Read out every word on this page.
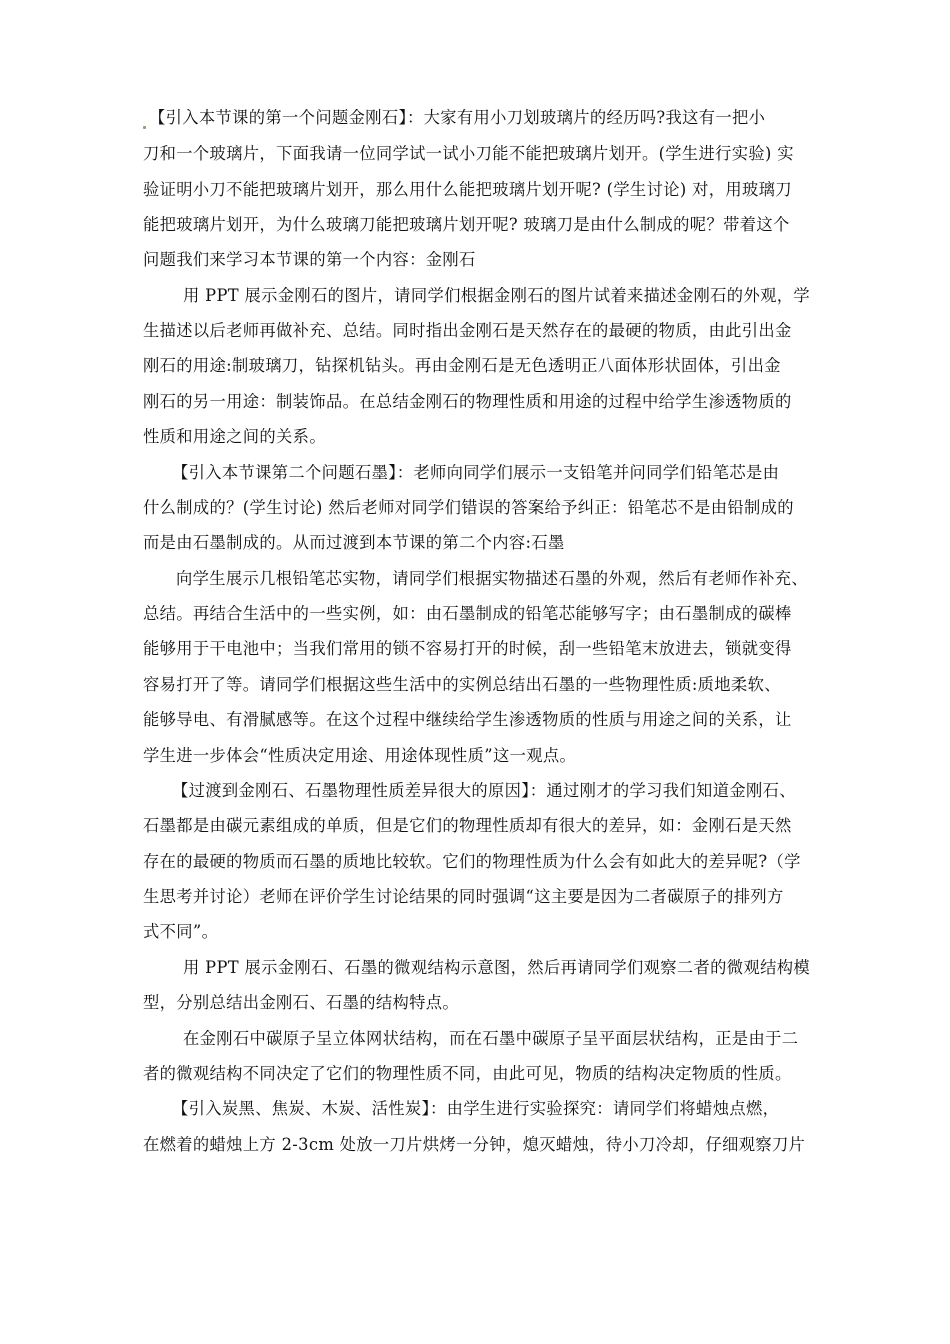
【引入本节课的第一个问题金刚石】：大家有用小刀划玻璃片的经历吗?我这有一把小
刀和一个玻璃片，下面我请一位同学试一试小刀能不能把玻璃片划开。(学生进行实验) 实
验证明小刀不能把玻璃片划开，那么用什么能把玻璃片划开呢? (学生讨论) 对，用玻璃刀
能把玻璃片划开，为什么玻璃刀能把玻璃片划开呢? 玻璃刀是由什么制成的呢？带着这个
问题我们来学习本节课的第一个内容：金刚石
用 PPT 展示金刚石的图片，请同学们根据金刚石的图片试着来描述金刚石的外观，学
生描述以后老师再做补充、总结。同时指出金刚石是天然存在的最硬的物质，由此引出金
刚石的用途:制玻璃刀，钻探机钻头。再由金刚石是无色透明正八面体形状固体，引出金
刚石的另一用途：制装饰品。在总结金刚石的物理性质和用途的过程中给学生渗透物质的
性质和用途之间的关系。
【引入本节课第二个问题石墨】：老师向同学们展示一支铅笔并问同学们铅笔芯是由
什么制成的？(学生讨论) 然后老师对同学们错误的答案给予纠正：铅笔芯不是由铅制成的
而是由石墨制成的。从而过渡到本节课的第二个内容:石墨
向学生展示几根铅笔芯实物，请同学们根据实物描述石墨的外观，然后有老师作补充、
总结。再结合生活中的一些实例，如：由石墨制成的铅笔芯能够写字；由石墨制成的碳棒
能够用于干电池中；当我们常用的锁不容易打开的时候，刮一些铅笔末放进去，锁就变得
容易打开了等。请同学们根据这些生活中的实例总结出石墨的一些物理性质:质地柔软、
能够导电、有滑腻感等。在这个过程中继续给学生渗透物质的性质与用途之间的关系，让
学生进一步体会“性质决定用途、用途体现性质”这一观点。
【过渡到金刚石、石墨物理性质差异很大的原因】：通过刚才的学习我们知道金刚石、
石墨都是由碳元素组成的单质，但是它们的物理性质却有很大的差异，如：金刚石是天然
存在的最硬的物质而石墨的质地比较软。它们的物理性质为什么会有如此大的差异呢?（学
生思考并讨论）老师在评价学生讨论结果的同时强调“这主要是因为二者碳原子的排列方
式不同”。
用 PPT 展示金刚石、石墨的微观结构示意图，然后再请同学们观察二者的微观结构模
型，分别总结出金刚石、石墨的结构特点。
在金刚石中碳原子呈立体网状结构，而在石墨中碳原子呈平面层状结构，正是由于二
者的微观结构不同决定了它们的物理性质不同，由此可见，物质的结构决定物质的性质。
【引入炭黑、焦炭、木炭、活性炭】：由学生进行实验探究：请同学们将蜡烛点燃，
在燃着的蜡烛上方 2-3cm 处放一刀片烘烤一分钟，熄灭蜡烛，待小刀冷却，仔细观察刀片
